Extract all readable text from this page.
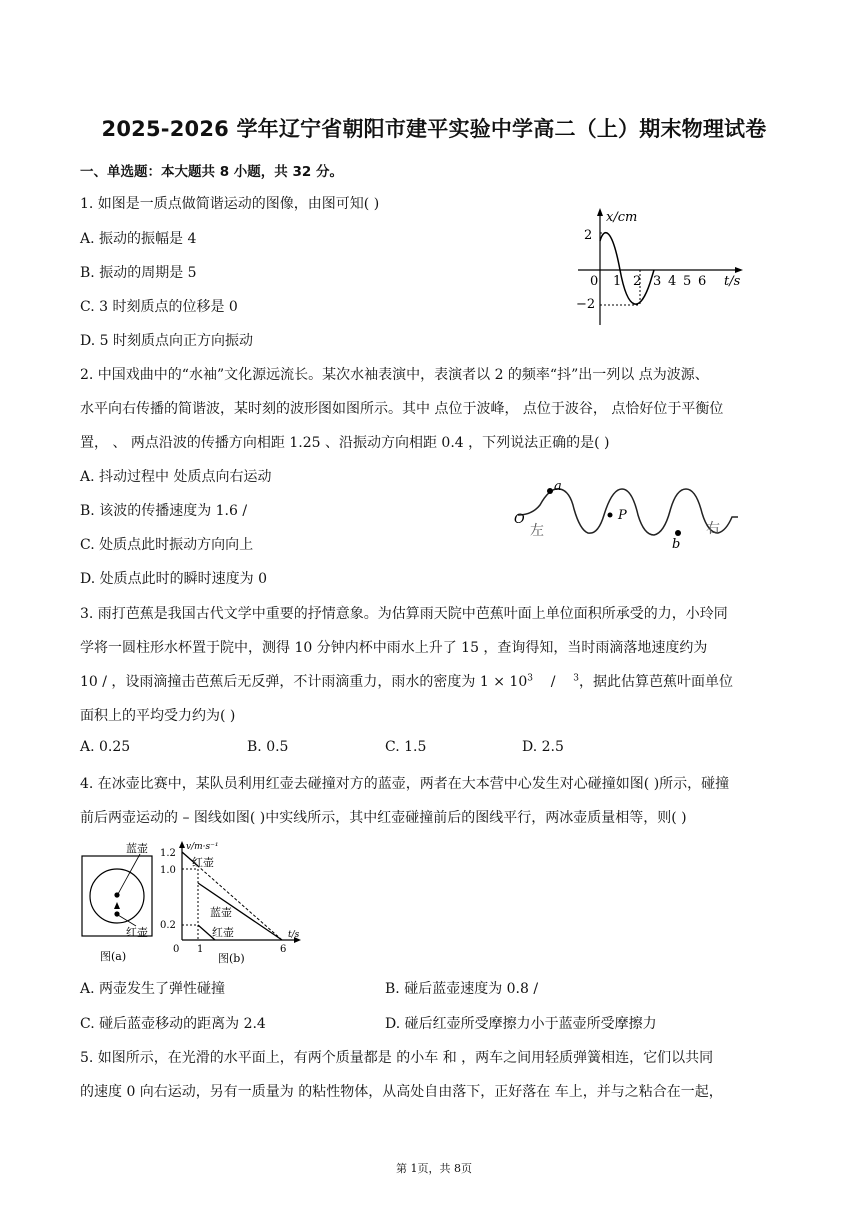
2025-2026 学年辽宁省朝阳市建平实验中学高二（上）期末物理试卷
一、单选题：本大题共 8 小题，共 32 分。
1. 如图是一质点做简谐运动的图像，由图可知( )
A. 振动的振幅是 4
B. 振动的周期是 5
C. 3 时刻质点的位移是 0
D. 5 时刻质点向正方向振动
x/cm
2
−2
0 1 2 3 4 5 6 t/s
2. 中国戏曲中的“水袖”文化源远流长。某次水袖表演中，表演者以 2 的频率“抖”出一列以 点为波源、
水平向右传播的简谐波，某时刻的波形图如图所示。其中 点位于波峰， 点位于波谷， 点恰好位于平衡位
置， 、 两点沿波的传播方向相距 1.25 、沿振动方向相距 0.4 ，下列说法正确的是( )
A. 抖动过程中 处质点向右运动
B. 该波的传播速度为 1.6 /
C. 处质点此时振动方向向上
D. 处质点此时的瞬时速度为 0
a
P
b
O
左	右
3. 雨打芭蕉是我国古代文学中重要的抒情意象。为估算雨天院中芭蕉叶面上单位面积所承受的力，小玲同
学将一圆柱形水杯置于院中，测得 10 分钟内杯中雨水上升了 15 ，查询得知，当时雨滴落地速度约为
10 / ，设雨滴撞击芭蕉后无反弹，不计雨滴重力，雨水的密度为 $1 \times 10^3$    /    $^3$，据此估算芭蕉叶面单位
面积上的平均受力约为( )
A. 0.25	B. 0.5	C. 1.5	D. 2.5
4. 在冰壶比赛中，某队员利用红壶去碰撞对方的蓝壶，两者在大本营中心发生对心碰撞如图( )所示，碰撞
前后两壶运动的 – 图线如图( )中实线所示，其中红壶碰撞前后的图线平行，两冰壶质量相等，则( )
蓝壶
红壶
图(a)
v/m·s⁻¹
1.2
1.0
0.2
0 1	6
t/s
红壶
蓝壶
红壶
图(b)
A. 两壶发生了弹性碰撞	B. 碰后蓝壶速度为 0.8 /
C. 碰后蓝壶移动的距离为 2.4	D. 碰后红壶所受摩擦力小于蓝壶所受摩擦力
5. 如图所示，在光滑的水平面上，有两个质量都是 的小车 和 ，两车之间用轻质弹簧相连，它们以共同
的速度 0 向右运动，另有一质量为 的粘性物体，从高处自由落下，正好落在 车上，并与之粘合在一起，
第 1页，共 8页
